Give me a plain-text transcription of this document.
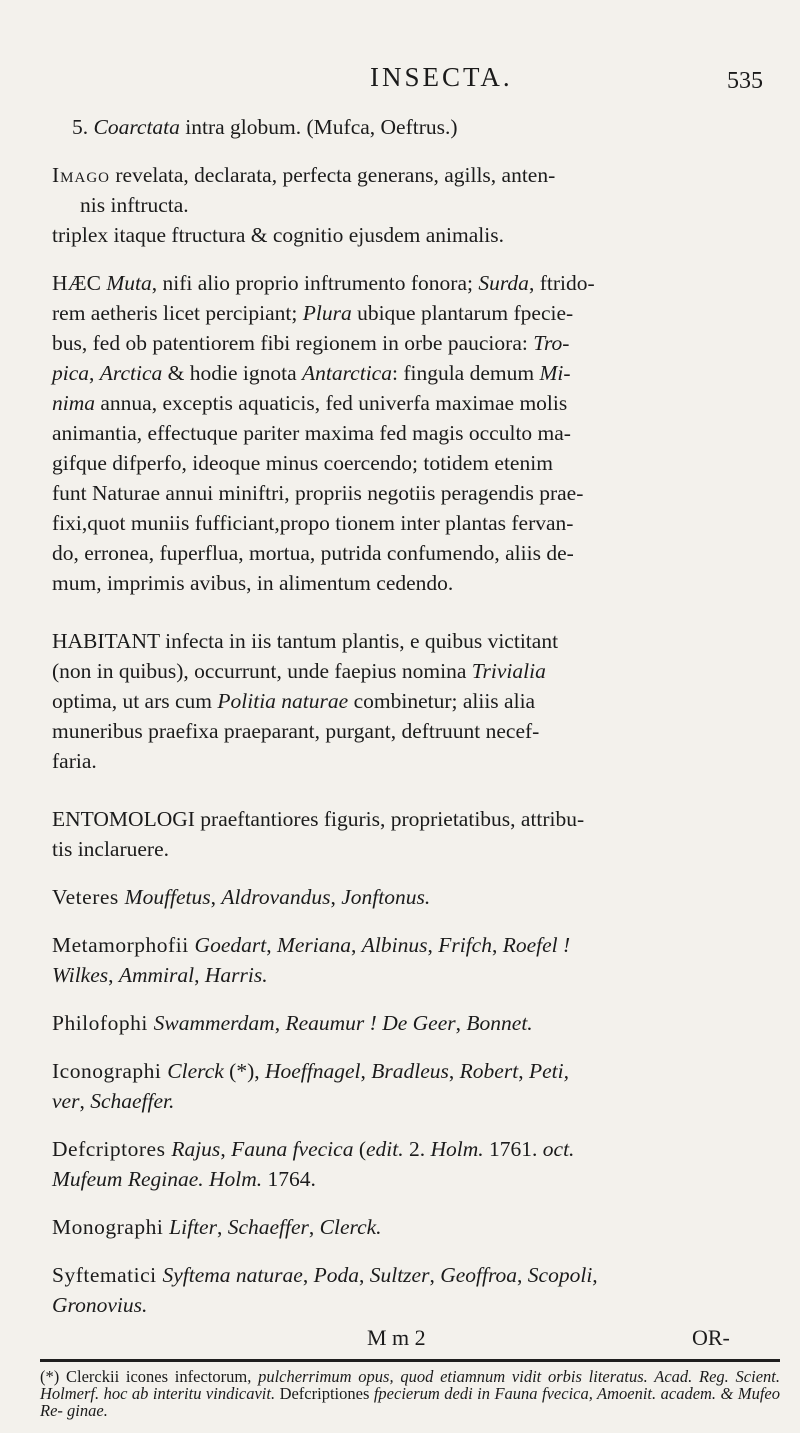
INSECTA.	535

5. Coarctata intra globum. (Mufca, Oeftrus.)

Imago revelata, declarata, perfecta generans, agills, anten-

nis inftructa.

triplex itaque ftructura & cognitio ejusdem animalis.

HÆC Muta, nifi alio proprio inftrumento fonora; Surda, ftrido-

rem aetheris licet percipiant; Plura ubique plantarum fpecie-

bus, fed ob patentiorem fibi regionem in orbe pauciora: Tro-

pica, Arctica & hodie ignota Antarctica: fingula demum Mi-

nima annua, exceptis aquaticis, fed univerfa maximae molis

animantia, effectuque pariter maxima fed magis occulto ma-

gifque difperfo, ideoque minus coercendo; totidem etenim

funt Naturae annui miniftri, propriis negotiis peragendis prae-

fixi,quot muniis fufficiant,propo tionem inter plantas fervan-

do, erronea, fuperflua, mortua, putrida confumendo, aliis de-

mum, imprimis avibus, in alimentum cedendo.

HABITANT infecta in iis tantum plantis, e quibus victitant

(non in quibus), occurrunt, unde faepius nomina Trivialia

optima, ut ars cum Politia naturae combinetur; aliis alia

muneribus praefixa praeparant, purgant, deftruunt necef-

faria.

ENTOMOLOGI praeftantiores figuris, proprietatibus, attribu-

tis inclaruere.

Veteres Mouffetus, Aldrovandus, Jonftonus.

Metamorphofii Goedart, Meriana, Albinus, Frifch, Roefel !

Wilkes, Ammiral, Harris.

Philofophi Swammerdam, Reaumur ! De Geer, Bonnet.

Iconographi Clerck (*), Hoeffnagel, Bradleus, Robert, Peti,

ver, Schaeffer.

Defcriptores Rajus, Fauna fvecica (edit. 2. Holm. 1761. oct.

Mufeum Reginae. Holm. 1764.

Monographi Lifter, Schaeffer, Clerck.

Syftematici Syftema naturae, Poda, Sultzer, Geoffroa, Scopoli,

Gronovius.

M m 2	OR-
(*) Clerckii icones infectorum, pulcherrimum opus, quod etiamnum vidit orbis literatus. Acad. Reg. Scient. Holmerf. hoc ab interitu vindicavit. Defcriptiones fpecierum dedi in Fauna fvecica, Amoenit. academ. & Mufeo Re- ginae.
